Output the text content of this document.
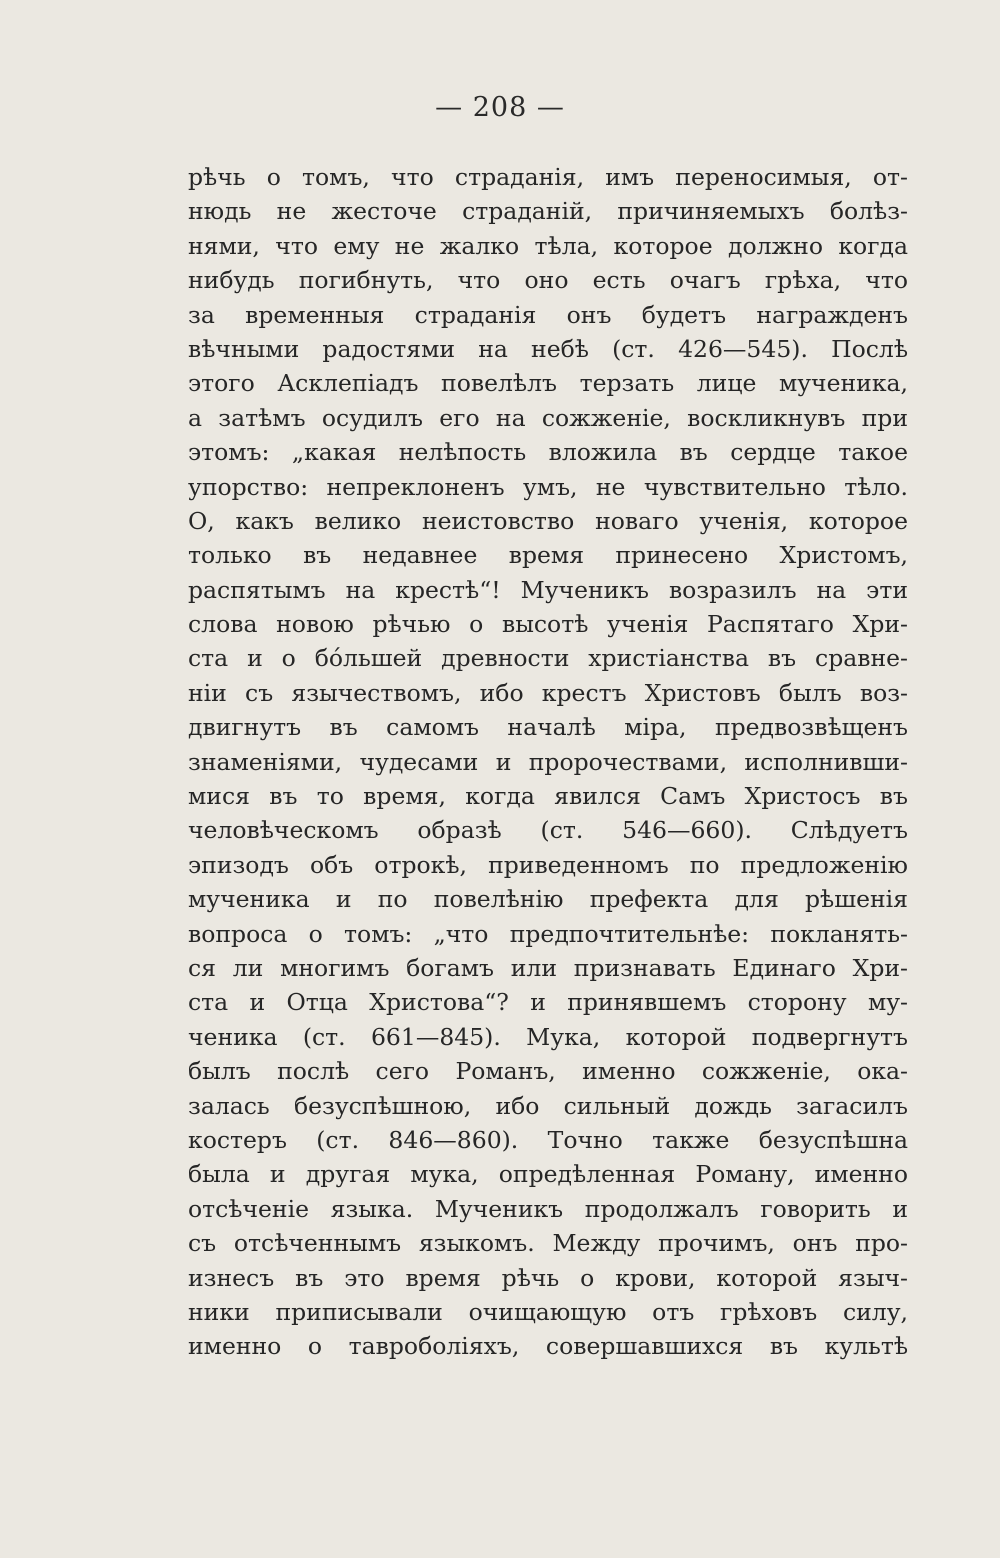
— 208 —
рѣчь о томъ, что страданія, имъ переносимыя, от-
нюдь не жесточе страданій, причиняемыхъ болѣз-
нями, что ему не жалко тѣла, которое должно когда
нибудь погибнуть, что оно есть очагъ грѣха, что
за временныя страданія онъ будетъ награжденъ
вѣчными радостями на небѣ (ст. 426—545). Послѣ
этого Асклепіадъ повелѣлъ терзать лице мученика,
а затѣмъ осудилъ его на сожженіе, воскликнувъ при
этомъ: „какая нелѣпость вложила въ сердце такое
упорство: непреклоненъ умъ, не чувствительно тѣло.
О, какъ велико неистовство новаго ученія, которое
только въ недавнее время принесено Христомъ,
распятымъ на крестѣ“! Мученикъ возразилъ на эти
слова новою рѣчью о высотѣ ученія Распятаго Хри-
ста и о бóльшей древности христіанства въ сравне-
ніи съ язычествомъ, ибо крестъ Христовъ былъ воз-
двигнутъ въ самомъ началѣ міра, предвозвѣщенъ
знаменіями, чудесами и пророчествами, исполнивши-
мися въ то время, когда явился Самъ Христосъ въ
человѣческомъ образѣ (ст. 546—660). Слѣдуетъ
эпизодъ объ отрокѣ, приведенномъ по предложенію
мученика и по повелѣнію префекта для рѣшенія
вопроса о томъ: „что предпочтительнѣе: покланять-
ся ли многимъ богамъ или признавать Единаго Хри-
ста и Отца Христова“? и принявшемъ сторону му-
ченика (ст. 661—845). Мука, которой подвергнутъ
былъ послѣ сего Романъ, именно сожженіе, ока-
залась безуспѣшною, ибо сильный дождь загасилъ
костеръ (ст. 846—860). Точно также безуспѣшна
была и другая мука, опредѣленная Роману, именно
отсѣченіе языка. Мученикъ продолжалъ говорить и
съ отсѣченнымъ языкомъ. Между прочимъ, онъ про-
изнесъ въ это время рѣчь о крови, которой языч-
ники приписывали очищающую отъ грѣховъ силу,
именно о тавроболіяхъ, совершавшихся въ культѣ
